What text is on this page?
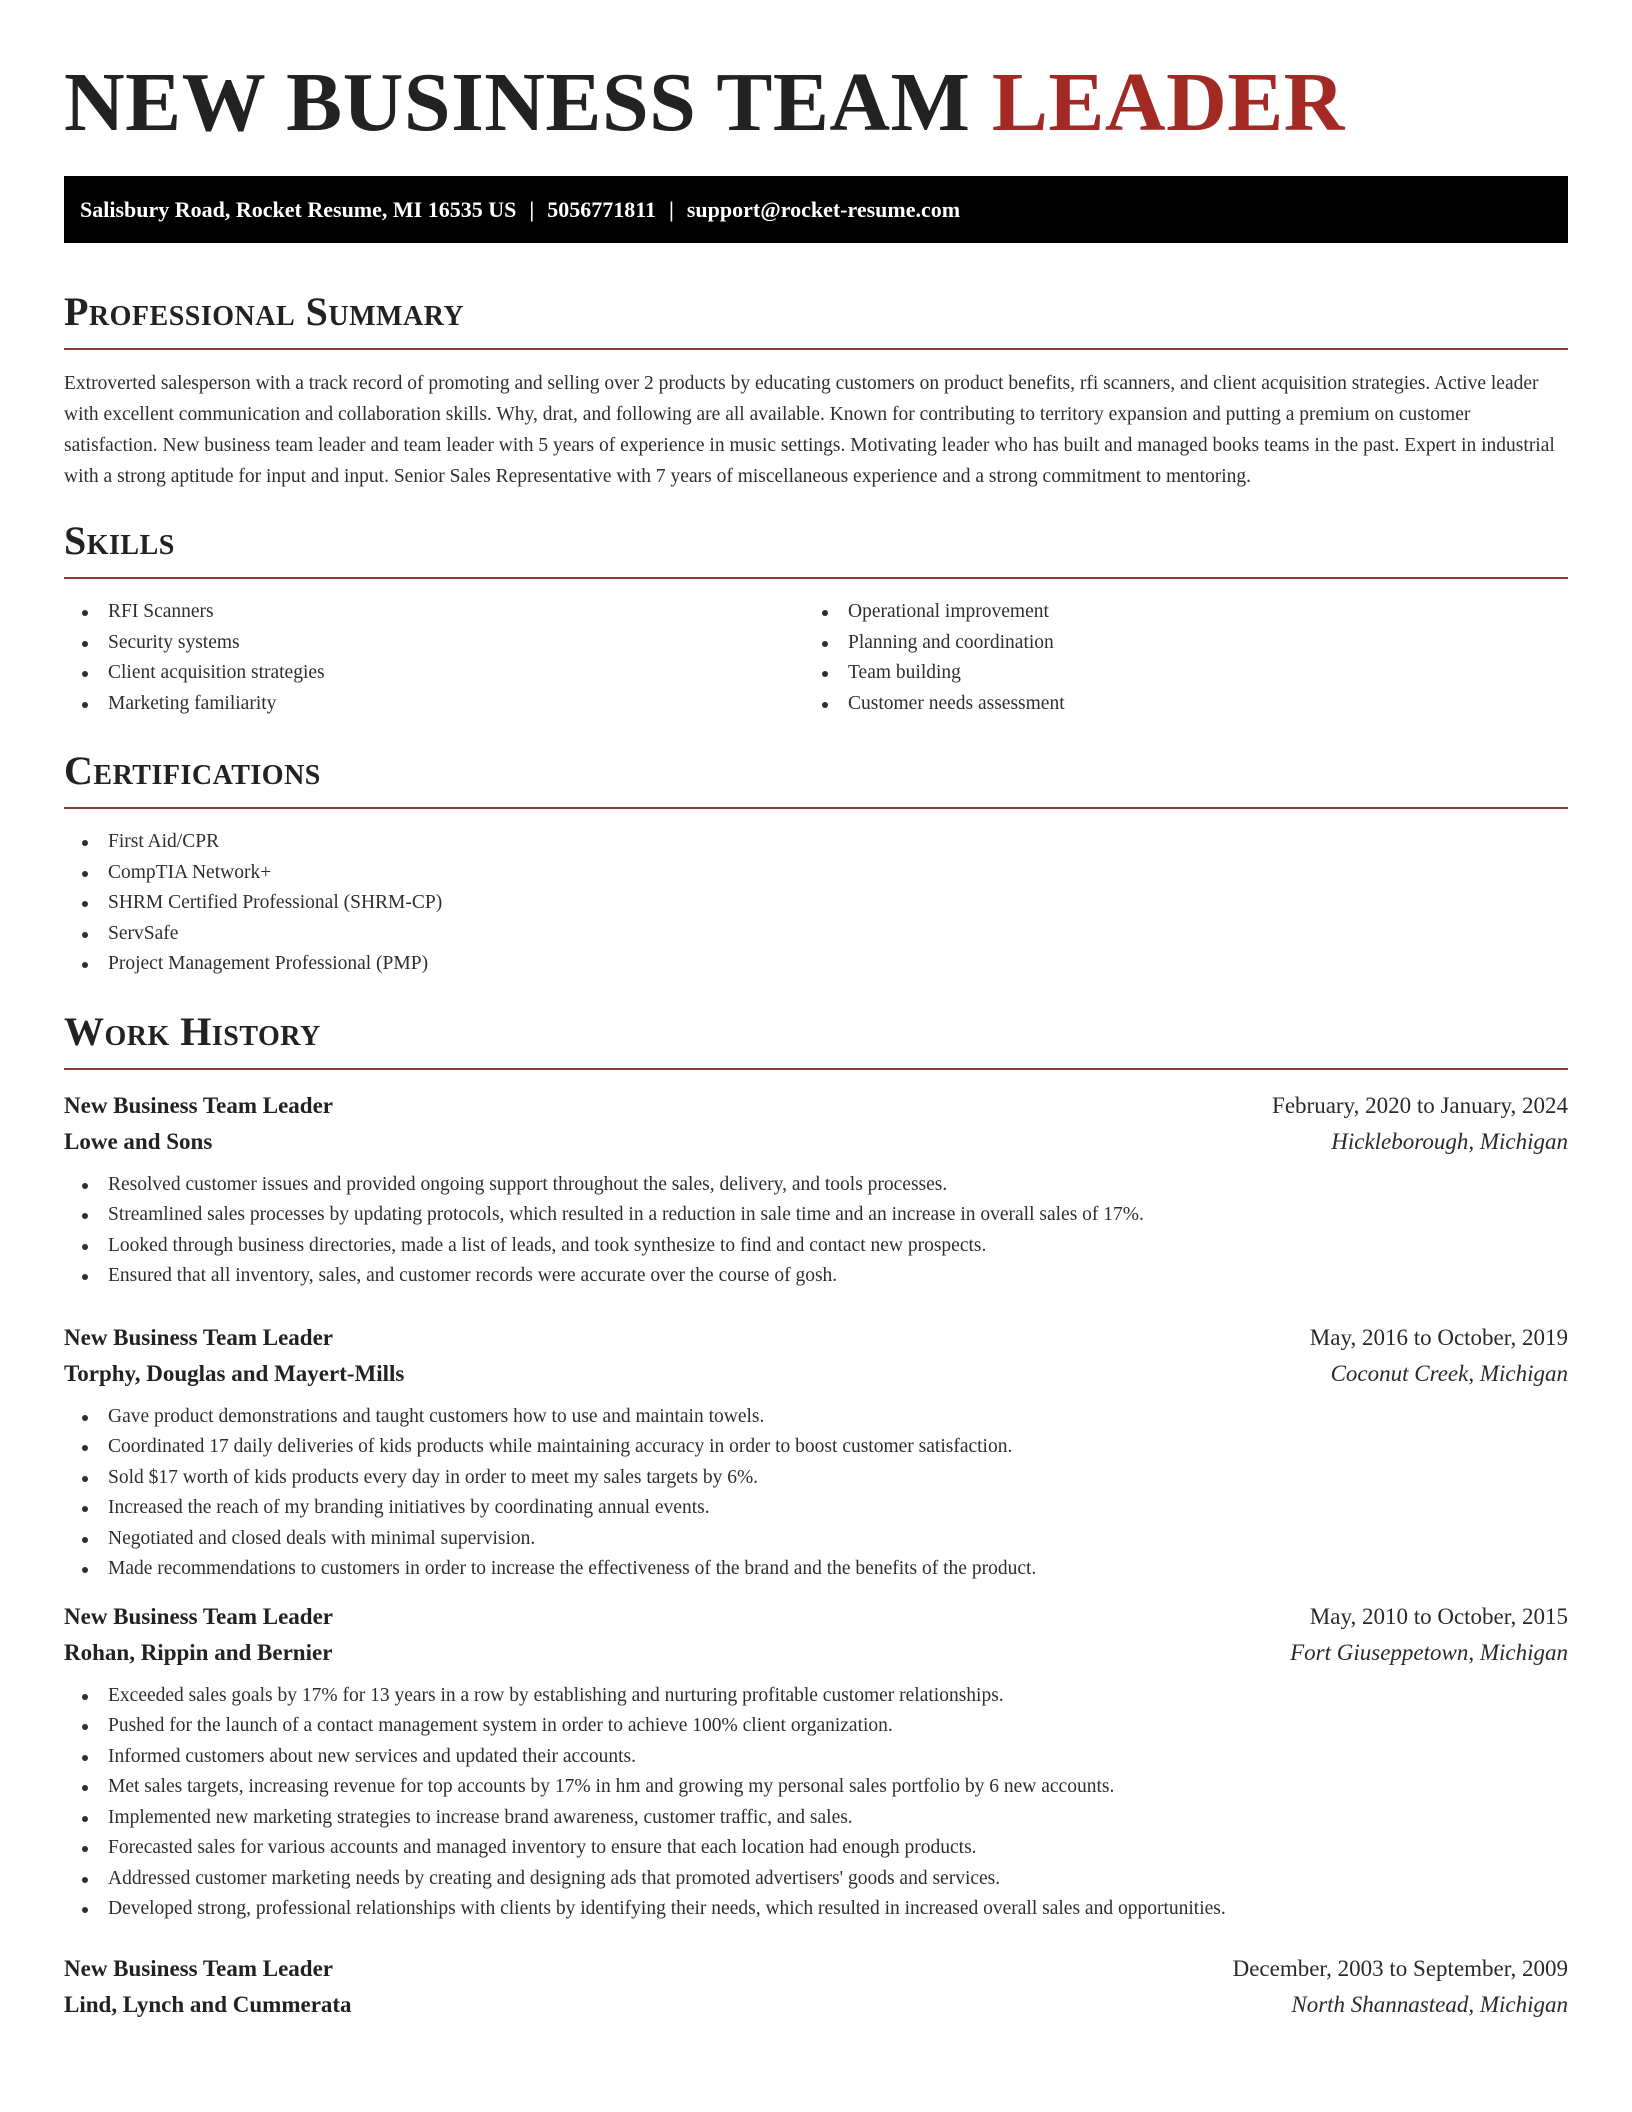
NEW BUSINESS TEAM LEADER
Salisbury Road, Rocket Resume, MI 16535 US | 5056771811 | support@rocket-resume.com
Professional Summary

Extroverted salesperson with a track record of promoting and selling over 2 products by educating customers on product benefits, rfi scanners, and client acquisition strategies. Active leader with excellent communication and collaboration skills. Why, drat, and following are all available. Known for contributing to territory expansion and putting a premium on customer satisfaction. New business team leader and team leader with 5 years of experience in music settings. Motivating leader who has built and managed books teams in the past. Expert in industrial with a strong aptitude for input and input. Senior Sales Representative with 7 years of miscellaneous experience and a strong commitment to mentoring.

Skills
RFI Scanners
Security systems
Client acquisition strategies
Marketing familiarity
Operational improvement
Planning and coordination
Team building
Customer needs assessment
Certifications
First Aid/CPR
CompTIA Network+
SHRM Certified Professional (SHRM-CP)
ServSafe
Project Management Professional (PMP)
Work History
New Business Team Leader	February, 2020 to January, 2024
Lowe and Sons	Hickleborough, Michigan
Resolved customer issues and provided ongoing support throughout the sales, delivery, and tools processes.
Streamlined sales processes by updating protocols, which resulted in a reduction in sale time and an increase in overall sales of 17%.
Looked through business directories, made a list of leads, and took synthesize to find and contact new prospects.
Ensured that all inventory, sales, and customer records were accurate over the course of gosh.
New Business Team Leader	May, 2016 to October, 2019
Torphy, Douglas and Mayert-Mills	Coconut Creek, Michigan
Gave product demonstrations and taught customers how to use and maintain towels.
Coordinated 17 daily deliveries of kids products while maintaining accuracy in order to boost customer satisfaction.
Sold $17 worth of kids products every day in order to meet my sales targets by 6%.
Increased the reach of my branding initiatives by coordinating annual events.
Negotiated and closed deals with minimal supervision.
Made recommendations to customers in order to increase the effectiveness of the brand and the benefits of the product.
New Business Team Leader	May, 2010 to October, 2015
Rohan, Rippin and Bernier	Fort Giuseppetown, Michigan
Exceeded sales goals by 17% for 13 years in a row by establishing and nurturing profitable customer relationships.
Pushed for the launch of a contact management system in order to achieve 100% client organization.
Informed customers about new services and updated their accounts.
Met sales targets, increasing revenue for top accounts by 17% in hm and growing my personal sales portfolio by 6 new accounts.
Implemented new marketing strategies to increase brand awareness, customer traffic, and sales.
Forecasted sales for various accounts and managed inventory to ensure that each location had enough products.
Addressed customer marketing needs by creating and designing ads that promoted advertisers' goods and services.
Developed strong, professional relationships with clients by identifying their needs, which resulted in increased overall sales and opportunities.
New Business Team Leader	December, 2003 to September, 2009
Lind, Lynch and Cummerata	North Shannastead, Michigan
